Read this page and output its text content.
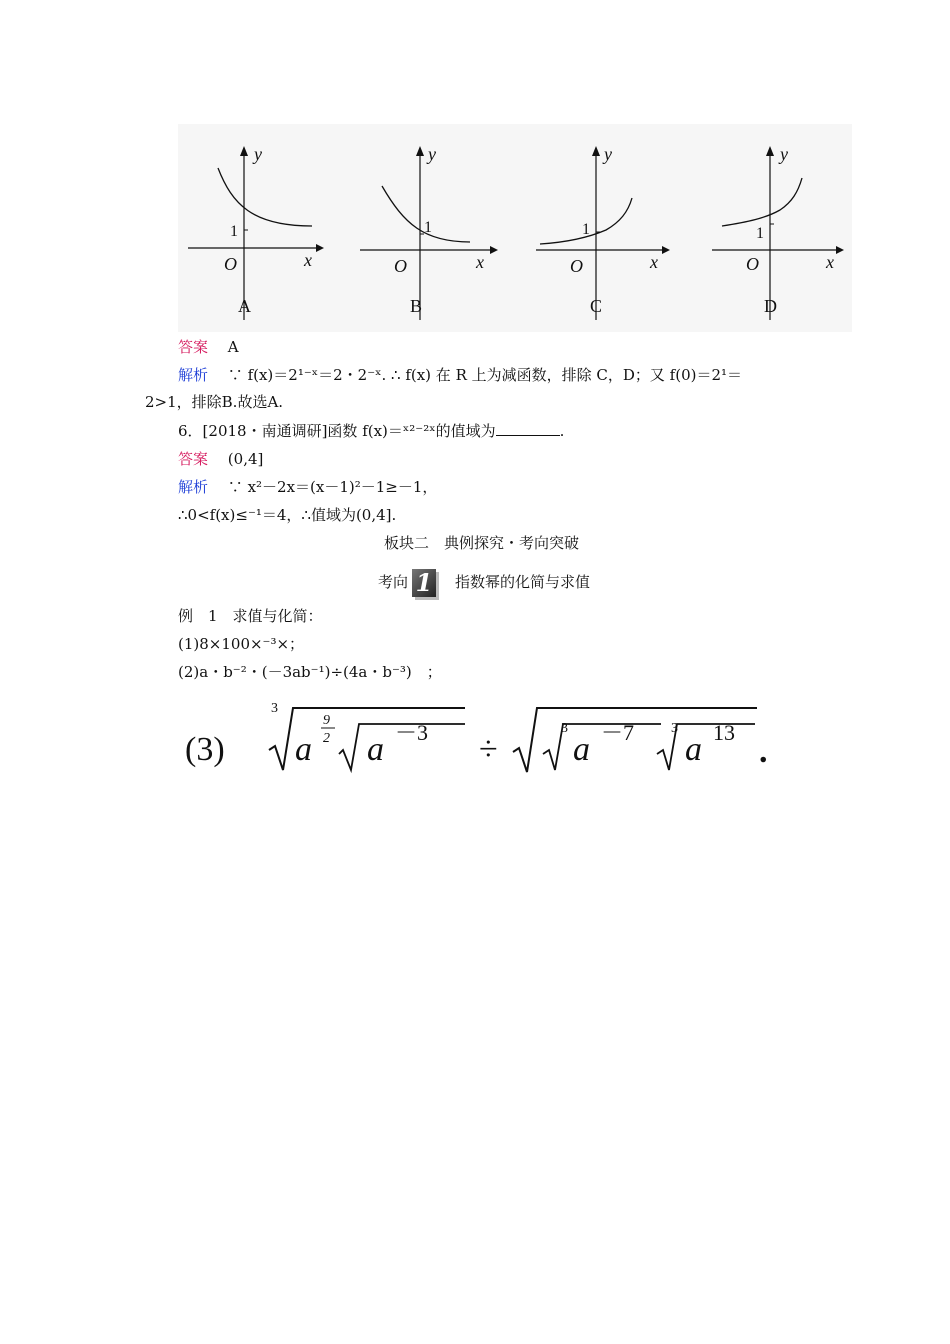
y
x
O
1
A
y
x
O
1
B
y
x
O
1
C
y
x
O
1
D
答案　 A
解析　 ∵ f(x)＝2¹⁻ˣ＝2・2⁻ˣ. ∴ f(x) 在 R 上为减函数，排除 C，D；又 f(0)＝2¹＝
2>1，排除B.故选A.
6．[2018・南通调研]函数 f(x)＝ˣ²⁻²ˣ的值域为	.
答案　 (0,4]
解析　 ∵ x²－2x＝(x－1)²－1≥－1，
∴0<f(x)≤⁻¹＝4，∴值域为(0,4].
板块二　典例探究・考向突破
考向 1　 指数幂的化简与求值
例　1　求值与化简：
(1)8×100×⁻³×；
(2)a・b⁻²・(－3ab⁻¹)÷(4a・b⁻³)　；
(3)
3
a
9
2 a －3 ÷
3
a －7	3
a 13
.
